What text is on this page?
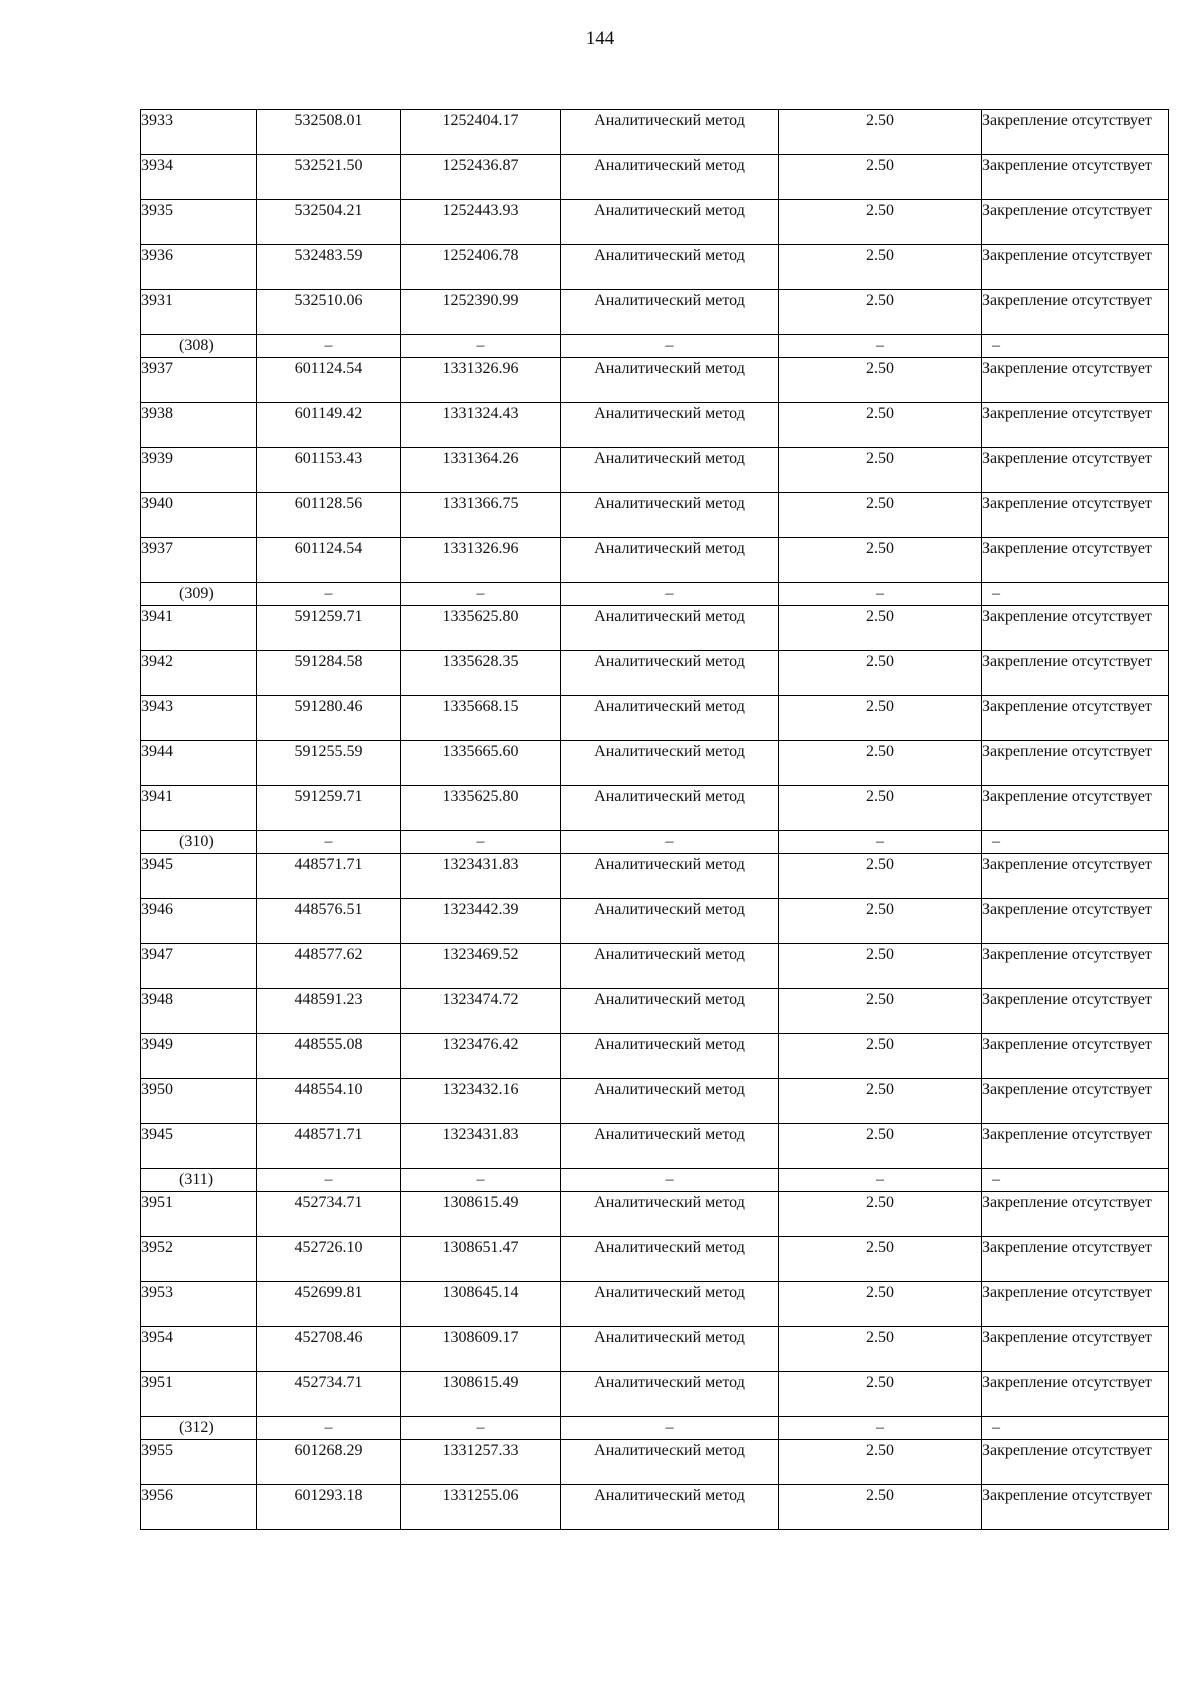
144
3933	532508.01	1252404.17	Аналитический метод	2.50	Закрепление отсутствует
3934	532521.50	1252436.87	Аналитический метод	2.50	Закрепление отсутствует
3935	532504.21	1252443.93	Аналитический метод	2.50	Закрепление отсутствует
3936	532483.59	1252406.78	Аналитический метод	2.50	Закрепление отсутствует
3931	532510.06	1252390.99	Аналитический метод	2.50	Закрепление отсутствует
(308)	–	–	–	–	–
3937	601124.54	1331326.96	Аналитический метод	2.50	Закрепление отсутствует
3938	601149.42	1331324.43	Аналитический метод	2.50	Закрепление отсутствует
3939	601153.43	1331364.26	Аналитический метод	2.50	Закрепление отсутствует
3940	601128.56	1331366.75	Аналитический метод	2.50	Закрепление отсутствует
3937	601124.54	1331326.96	Аналитический метод	2.50	Закрепление отсутствует
(309)	–	–	–	–	–
3941	591259.71	1335625.80	Аналитический метод	2.50	Закрепление отсутствует
3942	591284.58	1335628.35	Аналитический метод	2.50	Закрепление отсутствует
3943	591280.46	1335668.15	Аналитический метод	2.50	Закрепление отсутствует
3944	591255.59	1335665.60	Аналитический метод	2.50	Закрепление отсутствует
3941	591259.71	1335625.80	Аналитический метод	2.50	Закрепление отсутствует
(310)	–	–	–	–	–
3945	448571.71	1323431.83	Аналитический метод	2.50	Закрепление отсутствует
3946	448576.51	1323442.39	Аналитический метод	2.50	Закрепление отсутствует
3947	448577.62	1323469.52	Аналитический метод	2.50	Закрепление отсутствует
3948	448591.23	1323474.72	Аналитический метод	2.50	Закрепление отсутствует
3949	448555.08	1323476.42	Аналитический метод	2.50	Закрепление отсутствует
3950	448554.10	1323432.16	Аналитический метод	2.50	Закрепление отсутствует
3945	448571.71	1323431.83	Аналитический метод	2.50	Закрепление отсутствует
(311)	–	–	–	–	–
3951	452734.71	1308615.49	Аналитический метод	2.50	Закрепление отсутствует
3952	452726.10	1308651.47	Аналитический метод	2.50	Закрепление отсутствует
3953	452699.81	1308645.14	Аналитический метод	2.50	Закрепление отсутствует
3954	452708.46	1308609.17	Аналитический метод	2.50	Закрепление отсутствует
3951	452734.71	1308615.49	Аналитический метод	2.50	Закрепление отсутствует
(312)	–	–	–	–	–
3955	601268.29	1331257.33	Аналитический метод	2.50	Закрепление отсутствует
3956	601293.18	1331255.06	Аналитический метод	2.50	Закрепление отсутствует
